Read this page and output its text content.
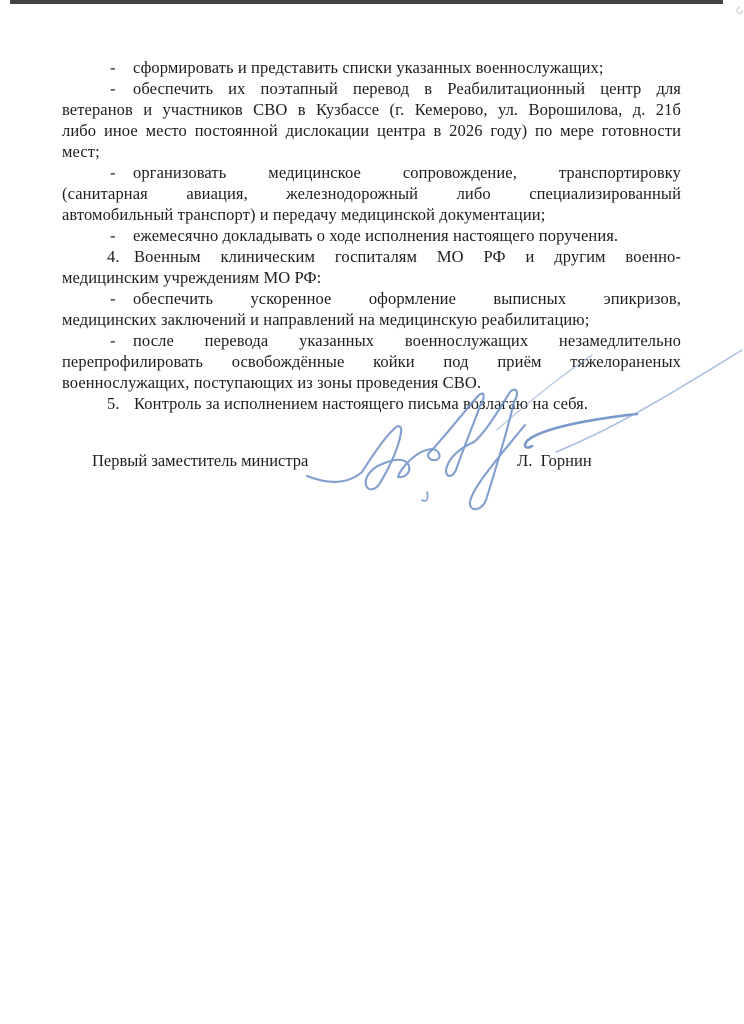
- сформировать и представить списки указанных военнослужащих;
- обеспечить их поэтапный перевод в Реабилитационный центр для
ветеранов и участников СВО в Кузбассе (г. Кемерово, ул. Ворошилова, д. 21б
либо иное место постоянной дислокации центра в 2026 году) по мере готовности
мест;
- организовать медицинское сопровождение, транспортировку
(санитарная авиация, железнодорожный либо специализированный
автомобильный транспорт) и передачу медицинской документации;
- ежемесячно докладывать о ходе исполнения настоящего поручения.
4. Военным клиническим госпиталям МО РФ и другим военно-
медицинским учреждениям МО РФ:
- обеспечить ускоренное оформление выписных эпикризов,
медицинских заключений и направлений на медицинскую реабилитацию;
- после перевода указанных военнослужащих незамедлительно
перепрофилировать освобождённые койки под приём тяжелораненых
военнослужащих, поступающих из зоны проведения СВО.
5. Контроль за исполнением настоящего письма возлагаю на себя.
Первый заместитель министра	Л.  Горнин
